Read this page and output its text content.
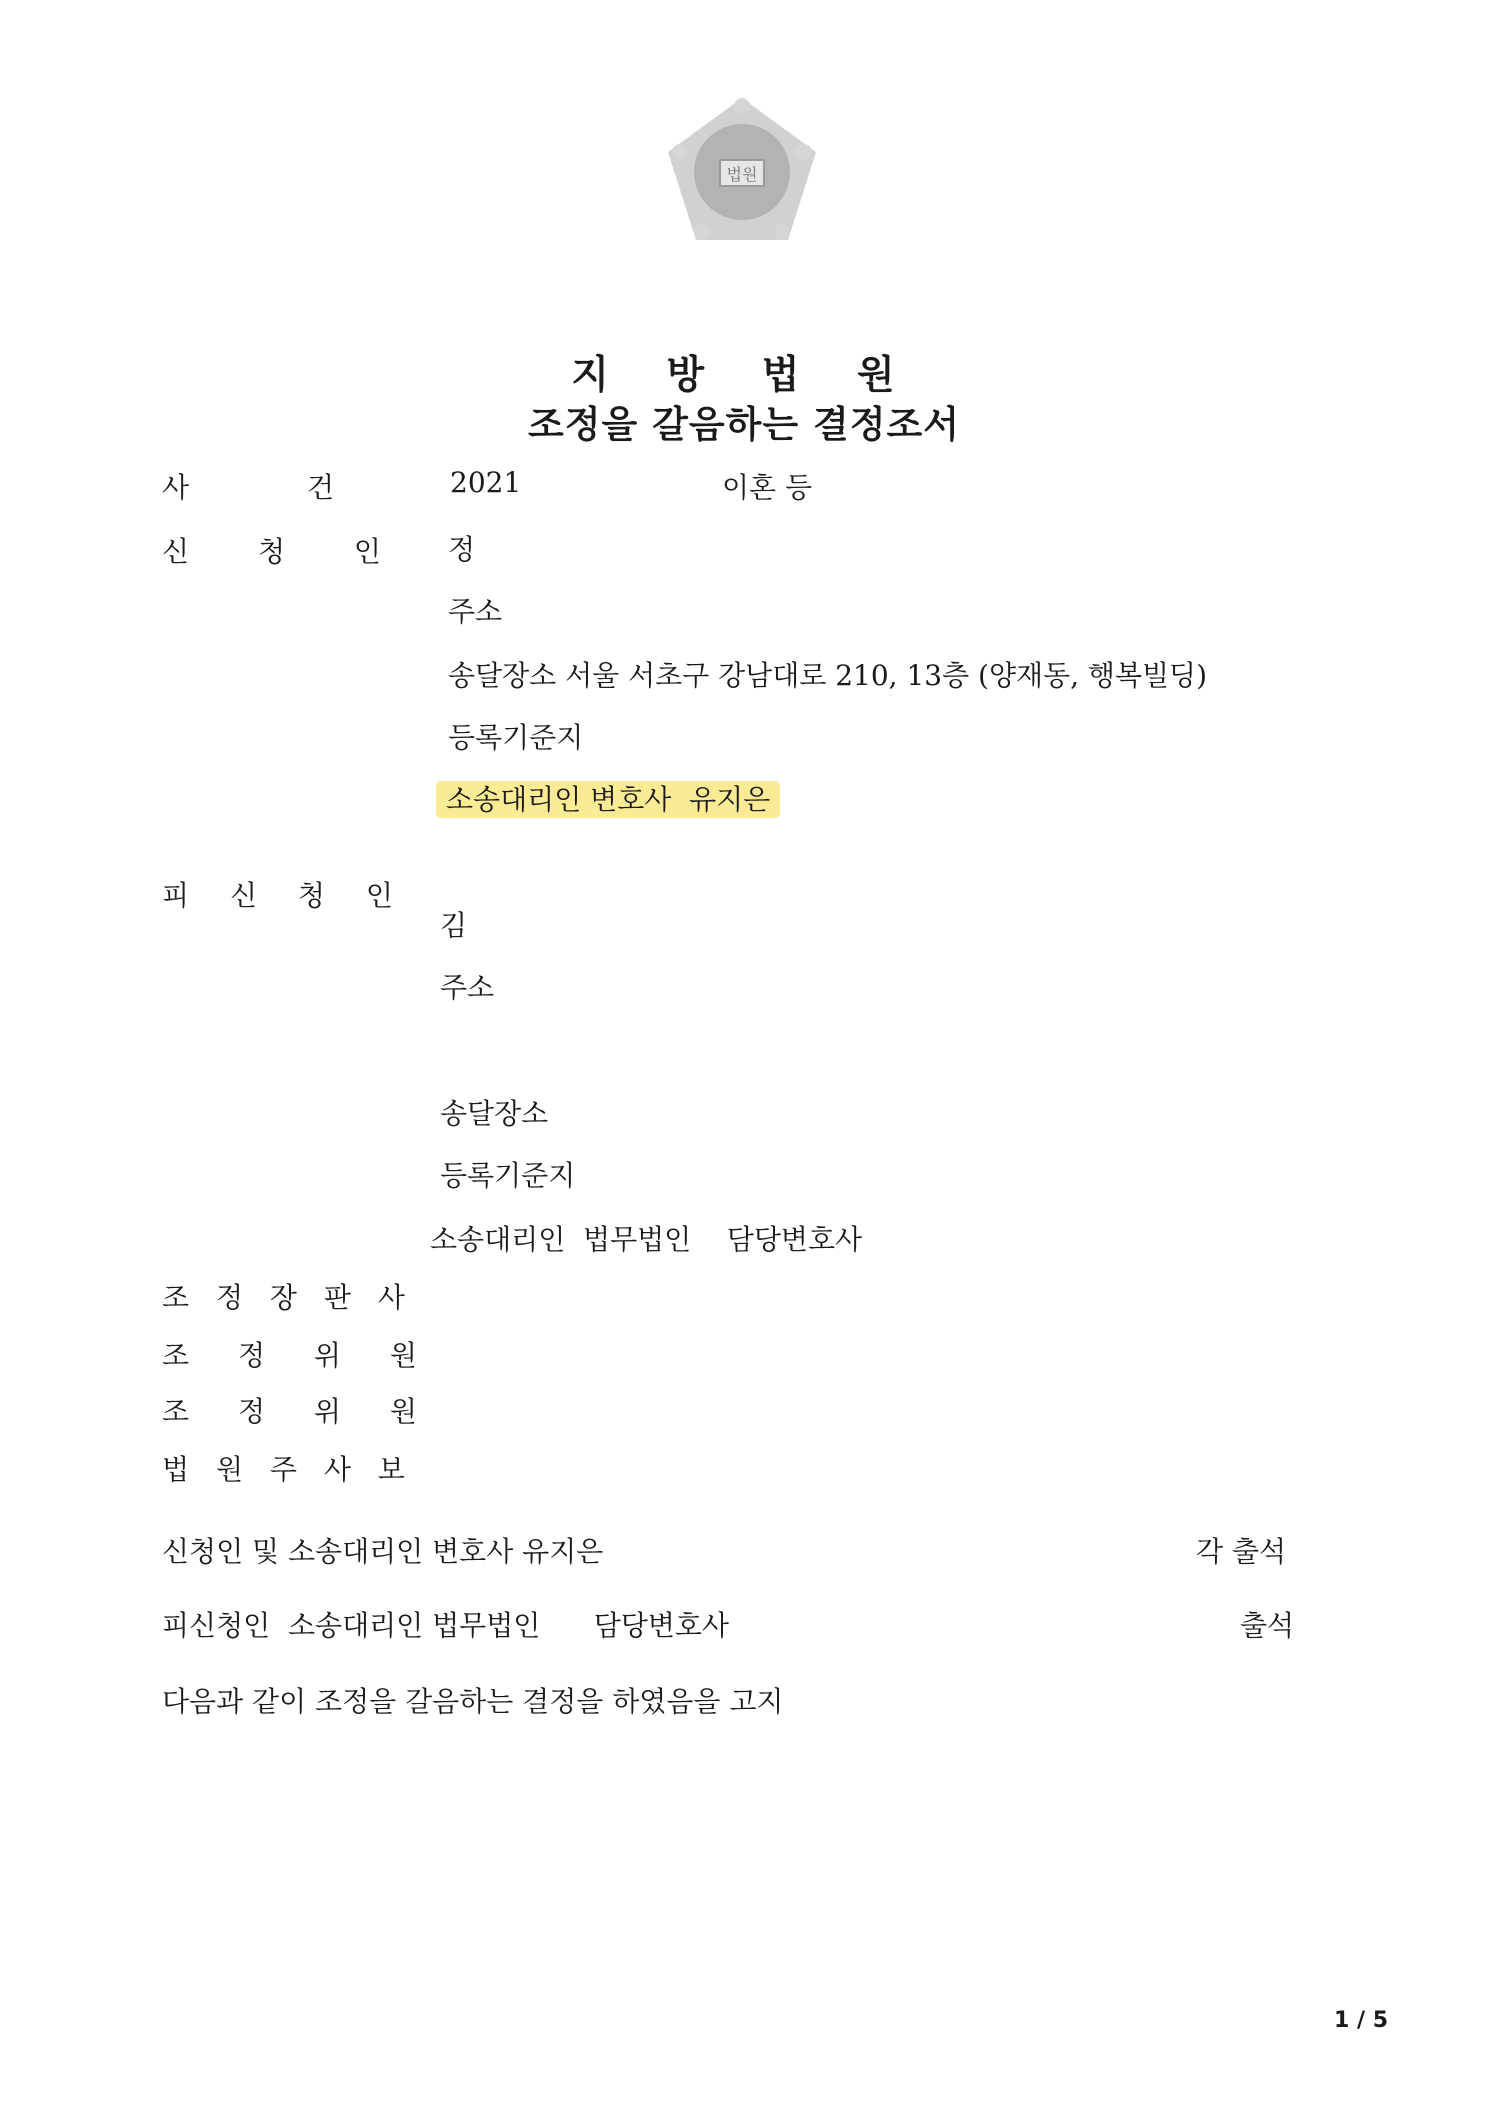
법원
지 방 법 원
조정을 갈음하는 결정조서
사	건	2021	이혼 등
신 청 인 정
주소
송달장소 서울 서초구 강남대로 210, 13층 (양재동, 행복빌딩)
등록기준지
소송대리인 변호사 유지은
피 신 청 인
김
주소
송달장소
등록기준지
소송대리인  법무법인    담당변호사
조 정 장 판 사
조 정 위 원
조 정 위 원
법 원 주 사 보
신청인 및 소송대리인 변호사 유지은	각 출석
피신청인  소송대리인 법무법인      담당변호사	출석
다음과 같이 조정을 갈음하는 결정을 하였음을 고지
1 / 5
